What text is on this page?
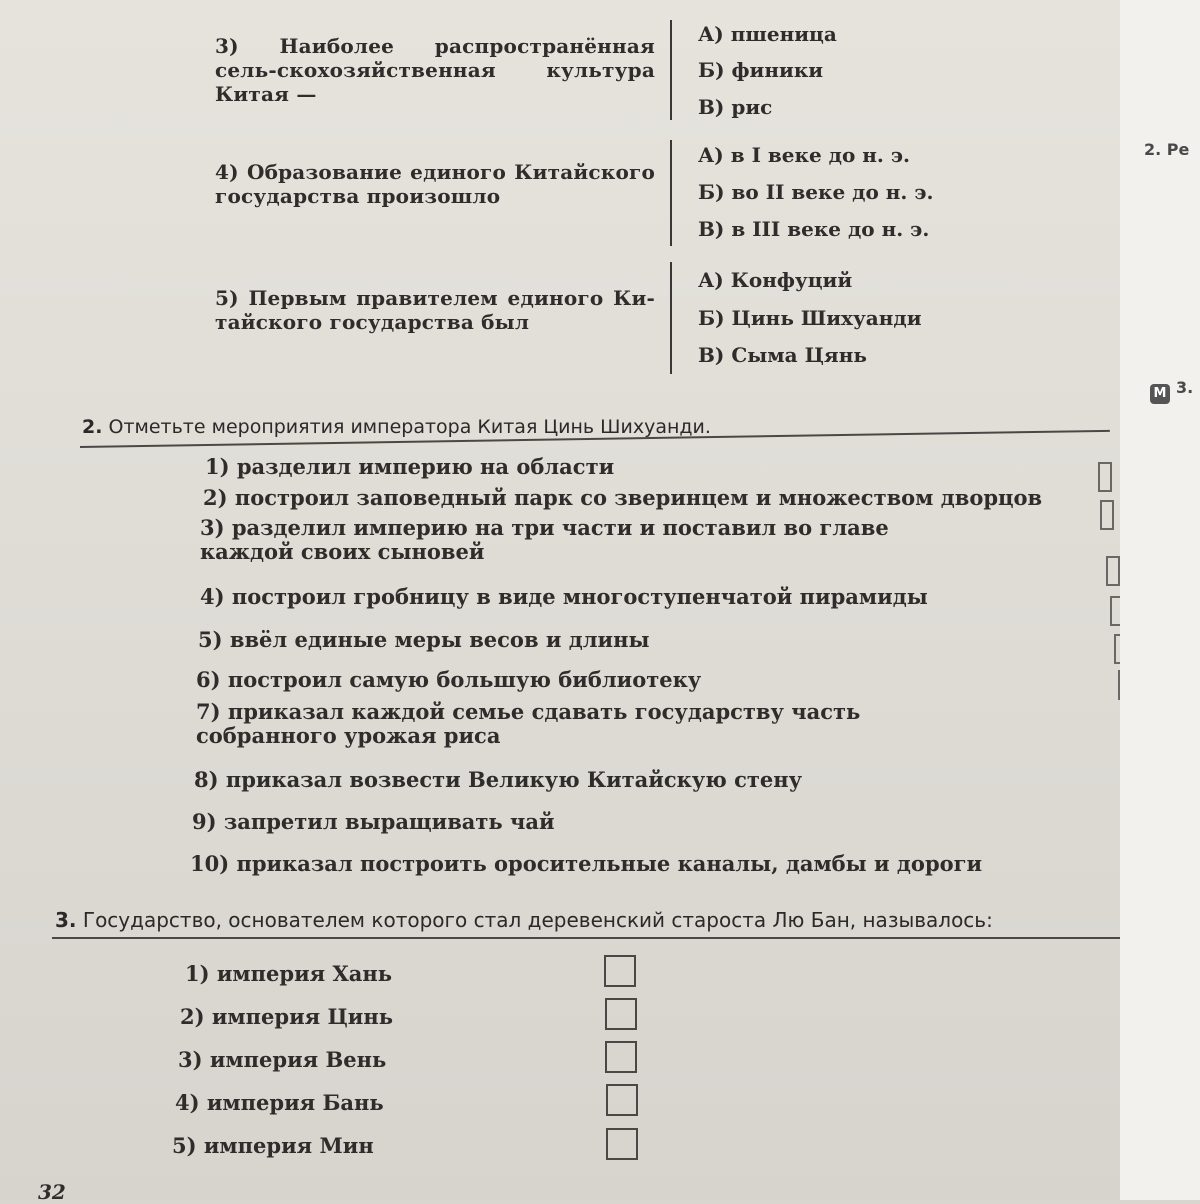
3) Наиболее распространённая сель-скохозяйственная культура Китая —
А) пшеница
Б) финики
В) рис
4) Образование единого Китайского государства произошло
А) в I веке до н. э.
Б) во II веке до н. э.
В) в III веке до н. э.
5) Первым правителем единого Ки-тайского государства был
А) Конфуций
Б) Цинь Шихуанди
В) Сыма Цянь
2. Отметьте мероприятия императора Китая Цинь Шихуанди.
1) разделил империю на области
2) построил заповедный парк со зверинцем и множеством дворцов
3) разделил империю на три части и поставил во главе каждой своих сыновей
4) построил гробницу в виде многоступенчатой пирамиды
5) ввёл единые меры весов и длины
6) построил самую большую библиотеку
7) приказал каждой семье сдавать государству часть собранного урожая риса
8) приказал возвести Великую Китайскую стену
9) запретил выращивать чай
10) приказал построить оросительные каналы, дамбы и дороги
3. Государство, основателем которого стал деревенский староста Лю Бан, называлось:
1) империя Хань
2) империя Цинь
3) империя Вень
4) империя Бань
5) империя Мин
32
2. Ре
М 3.
